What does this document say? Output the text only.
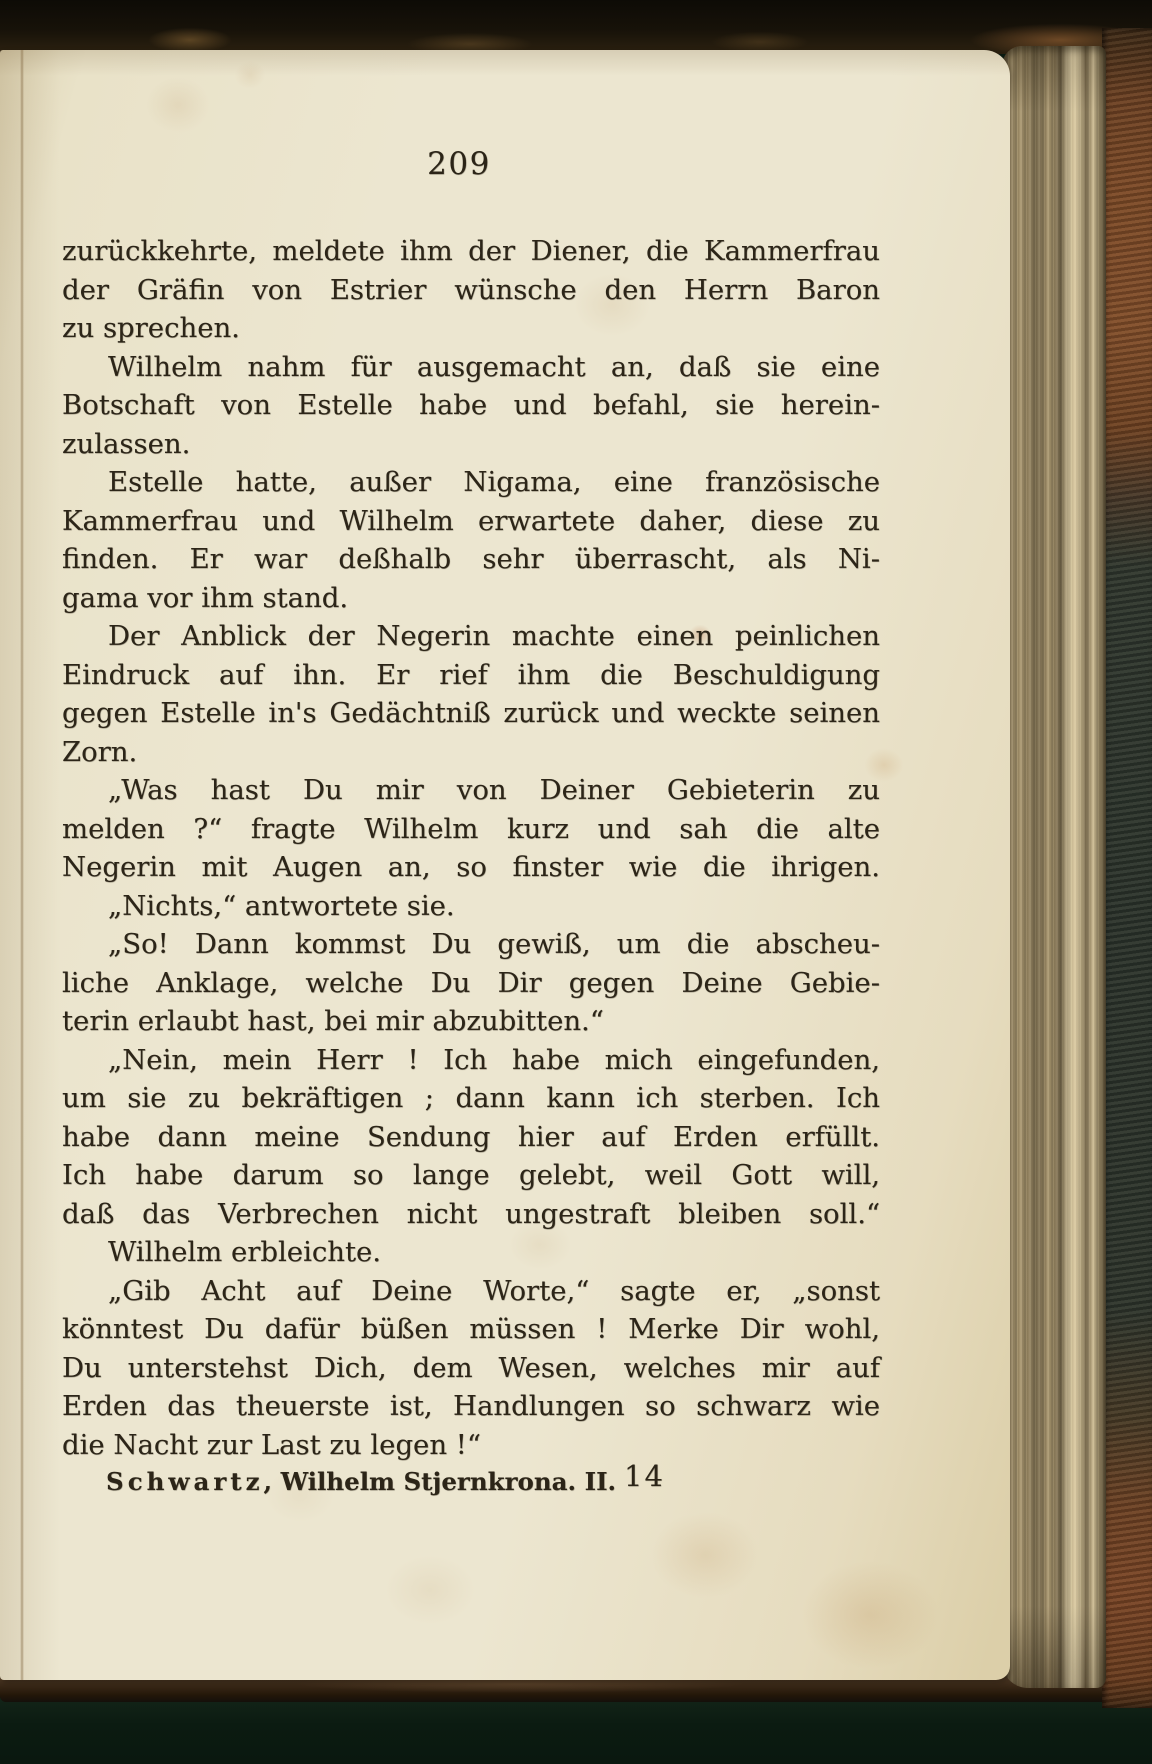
209
zurückkehrte, meldete ihm der Diener, die Kammerfrau
der Gräfin von Estrier wünsche den Herrn Baron
zu sprechen.
Wilhelm nahm für ausgemacht an, daß sie eine
Botschaft von Estelle habe und befahl, sie herein-
zulassen.
Estelle hatte, außer Nigama, eine französische
Kammerfrau und Wilhelm erwartete daher, diese zu
finden. Er war deßhalb sehr überrascht, als Ni-
gama vor ihm stand.
Der Anblick der Negerin machte einen peinlichen
Eindruck auf ihn. Er rief ihm die Beschuldigung
gegen Estelle in's Gedächtniß zurück und weckte seinen
Zorn.
„Was hast Du mir von Deiner Gebieterin zu
melden ?“ fragte Wilhelm kurz und sah die alte
Negerin mit Augen an, so finster wie die ihrigen.
„Nichts,“ antwortete sie.
„So! Dann kommst Du gewiß, um die abscheu-
liche Anklage, welche Du Dir gegen Deine Gebie-
terin erlaubt hast, bei mir abzubitten.“
„Nein, mein Herr ! Ich habe mich eingefunden,
um sie zu bekräftigen ; dann kann ich sterben. Ich
habe dann meine Sendung hier auf Erden erfüllt.
Ich habe darum so lange gelebt, weil Gott will,
daß das Verbrechen nicht ungestraft bleiben soll.“
Wilhelm erbleichte.
„Gib Acht auf Deine Worte,“ sagte er, „sonst
könntest Du dafür büßen müssen ! Merke Dir wohl,
Du unterstehst Dich, dem Wesen, welches mir auf
Erden das theuerste ist, Handlungen so schwarz wie
die Nacht zur Last zu legen !“
Schwartz, Wilhelm Stjernkrona. II. 14
